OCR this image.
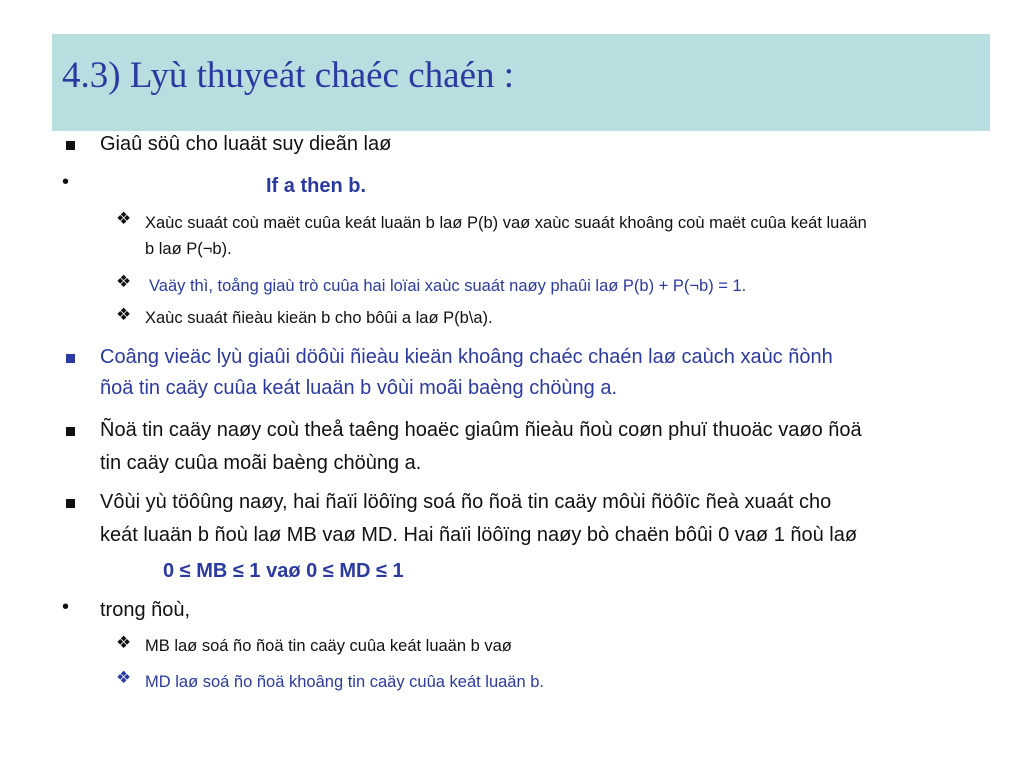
4.3) Lyù thuyeát chaéc chaén :
Giaû söû cho luaät suy dieãn laø
•	If a then b.
❖ Xaùc suaát coù maët cuûa keát luaän b laø P(b) vaø xaùc suaát khoâng coù maët cuûa keát luaän
b laø P(¬b).
❖ Vaäy thì, toång giaù trò cuûa hai loïai xaùc suaát naøy phaûi laø P(b) + P(¬b) = 1.
❖ Xaùc suaát ñieàu kieän b cho bôûi a laø P(b\a).
Coâng vieäc lyù giaûi döôùi ñieàu kieän khoâng chaéc chaén laø caùch xaùc ñònh
ñoä tin caäy cuûa keát luaän b vôùi moãi baèng chöùng a.
Ñoä tin caäy naøy coù theå taêng hoaëc giaûm ñieàu ñoù coøn phuï thuoäc vaøo ñoä
tin caäy cuûa moãi baèng chöùng a.
Vôùi yù töôûng naøy, hai ñaïi löôïng soá ño ñoä tin caäy môùi ñöôïc ñeà xuaát cho
keát luaän b ñoù laø MB vaø MD. Hai ñaïi löôïng naøy bò chaën bôûi 0 vaø 1 ñoù laø
0 ≤ MB ≤ 1 vaø 0 ≤ MD ≤ 1
• trong ñoù,
❖ MB laø soá ño ñoä tin caäy cuûa keát luaän b vaø
❖ MD laø soá ño ñoä khoâng tin caäy cuûa keát luaän b.
